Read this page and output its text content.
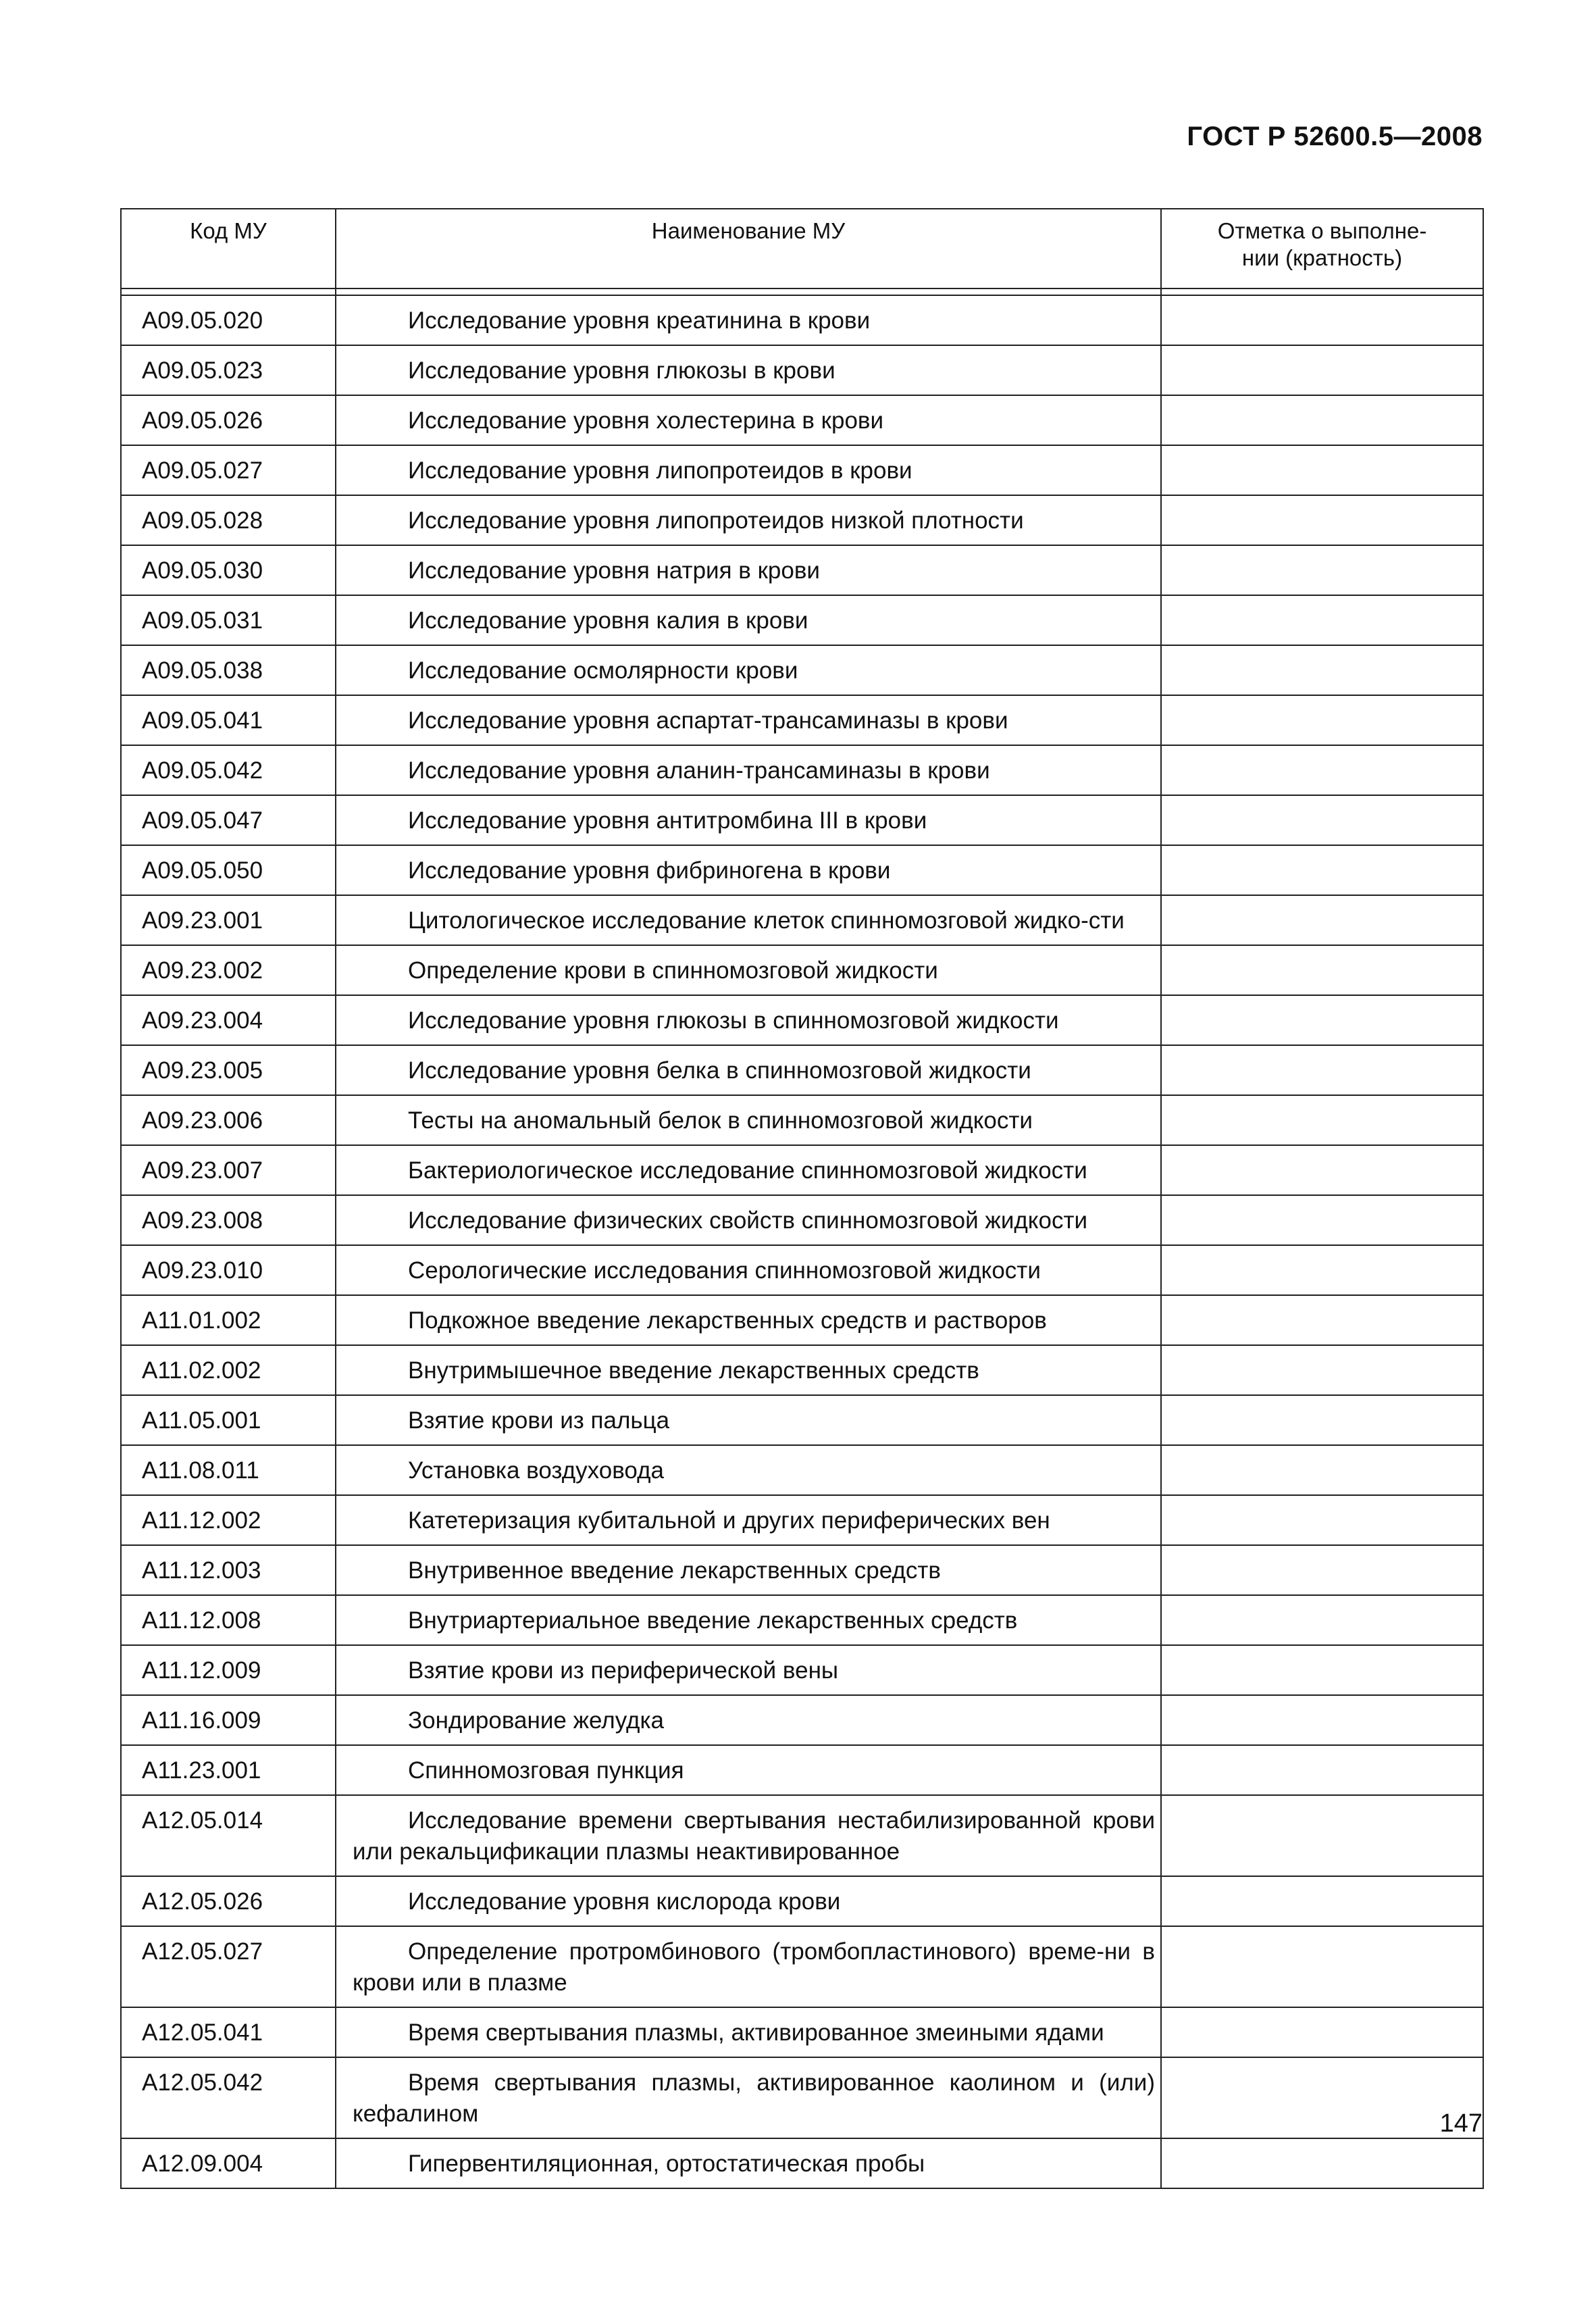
ГОСТ Р 52600.5—2008
Код МУ	Наименование МУ	Отметка о выполне-
нии (кратность)

A09.05.020	Исследование уровня креатинина в крови	
A09.05.023	Исследование уровня глюкозы в крови	
A09.05.026	Исследование уровня холестерина в крови	
A09.05.027	Исследование уровня липопротеидов в крови	
A09.05.028	Исследование уровня липопротеидов низкой плотности	
A09.05.030	Исследование уровня натрия в крови	
A09.05.031	Исследование уровня калия в крови	
A09.05.038	Исследование осмолярности крови	
A09.05.041	Исследование уровня аспартат-трансаминазы в крови	
A09.05.042	Исследование уровня аланин-трансаминазы в крови	
A09.05.047	Исследование уровня антитромбина III в крови	
A09.05.050	Исследование уровня фибриногена в крови	
A09.23.001	Цитологическое исследование клеток спинномозговой жидко-сти	
A09.23.002	Определение крови в спинномозговой жидкости	
A09.23.004	Исследование уровня глюкозы в спинномозговой жидкости	
A09.23.005	Исследование уровня белка в спинномозговой жидкости	
A09.23.006	Тесты на аномальный белок в спинномозговой жидкости	
A09.23.007	Бактериологическое исследование спинномозговой жидкости	
A09.23.008	Исследование физических свойств спинномозговой жидкости	
A09.23.010	Серологические исследования спинномозговой жидкости	
A11.01.002	Подкожное введение лекарственных средств и растворов	
A11.02.002	Внутримышечное введение лекарственных средств	
A11.05.001	Взятие крови из пальца	
A11.08.011	Установка воздуховода	
A11.12.002	Катетеризация кубитальной и других периферических вен	
A11.12.003	Внутривенное введение лекарственных средств	
A11.12.008	Внутриартериальное введение лекарственных средств	
A11.12.009	Взятие крови из периферической вены	
A11.16.009	Зондирование желудка	
A11.23.001	Спинномозговая пункция	
A12.05.014	Исследование времени свертывания нестабилизированной крови или рекальцификации плазмы неактивированное	
A12.05.026	Исследование уровня кислорода крови	
A12.05.027	Определение протромбинового (тромбопластинового) време-ни в крови или в плазме	
A12.05.041	Время свертывания плазмы, активированное змеиными ядами	
A12.05.042	Время свертывания плазмы, активированное каолином и (или) кефалином	
A12.09.004	Гипервентиляционная, ортостатическая пробы	
147
